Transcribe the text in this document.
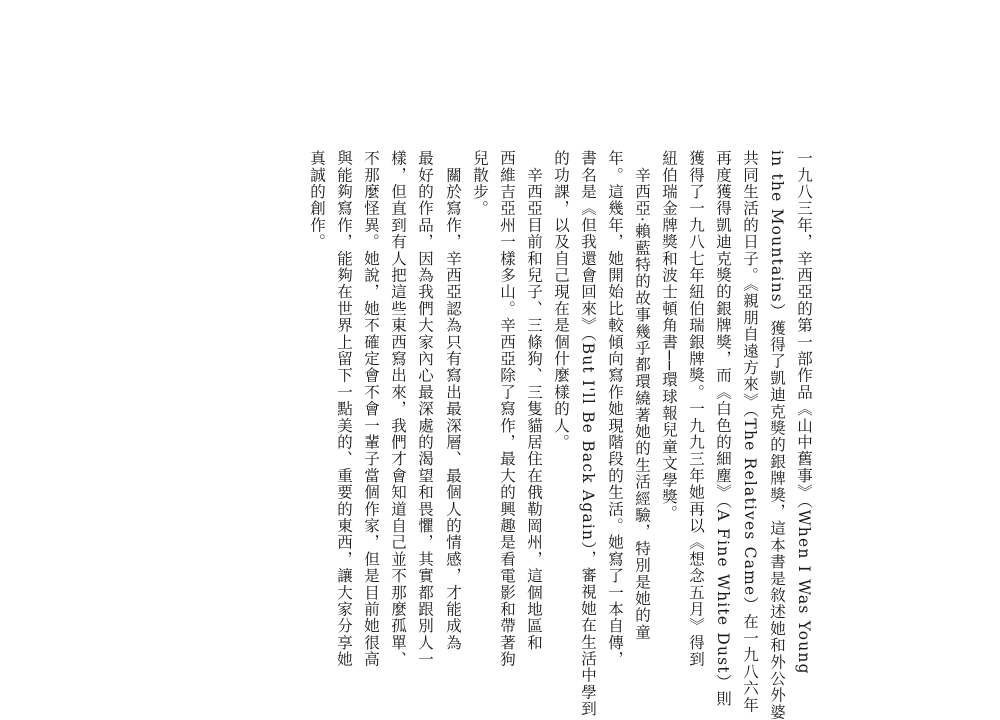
一九八三年，辛西亞的第一部作品《山中舊事》（When I Was Young
in the Mountains）獲得了凱迪克獎的銀牌獎，這本書是敘述她和外公外婆
共同生活的日子。《親朋自遠方來》（The Relatives Came）在一九八六年
再度獲得凱迪克獎的銀牌獎，而《白色的細塵》（A Fine White Dust）則
獲得了一九八七年紐伯瑞銀牌獎。一九九三年她再以《想念五月》得到
紐伯瑞金牌獎和波士頓角書──環球報兒童文學獎。
　辛西亞·賴藍特的故事幾乎都環繞著她的生活經驗，特別是她的童
年。這幾年，她開始比較傾向寫作她現階段的生活。她寫了一本自傳，
書名是《但我還會回來》（But I'll Be Back Again），審視她在生活中學到
的功課，以及自己現在是個什麼樣的人。
　辛西亞目前和兒子、三條狗、三隻貓居住在俄勒岡州，這個地區和
西維吉亞州一樣多山。辛西亞除了寫作，最大的興趣是看電影和帶著狗
兒散步。
　關於寫作，辛西亞認為只有寫出最深層、最個人的情感，才能成為
最好的作品，因為我們大家內心最深處的渴望和畏懼，其實都跟別人一
樣，但直到有人把這些東西寫出來，我們才會知道自己並不那麼孤單、
不那麼怪異。她說，她不確定會不會一輩子當個作家，但是目前她很高
與能夠寫作，能夠在世界上留下一點美的、重要的東西，讓大家分享她
真誠的創作。
